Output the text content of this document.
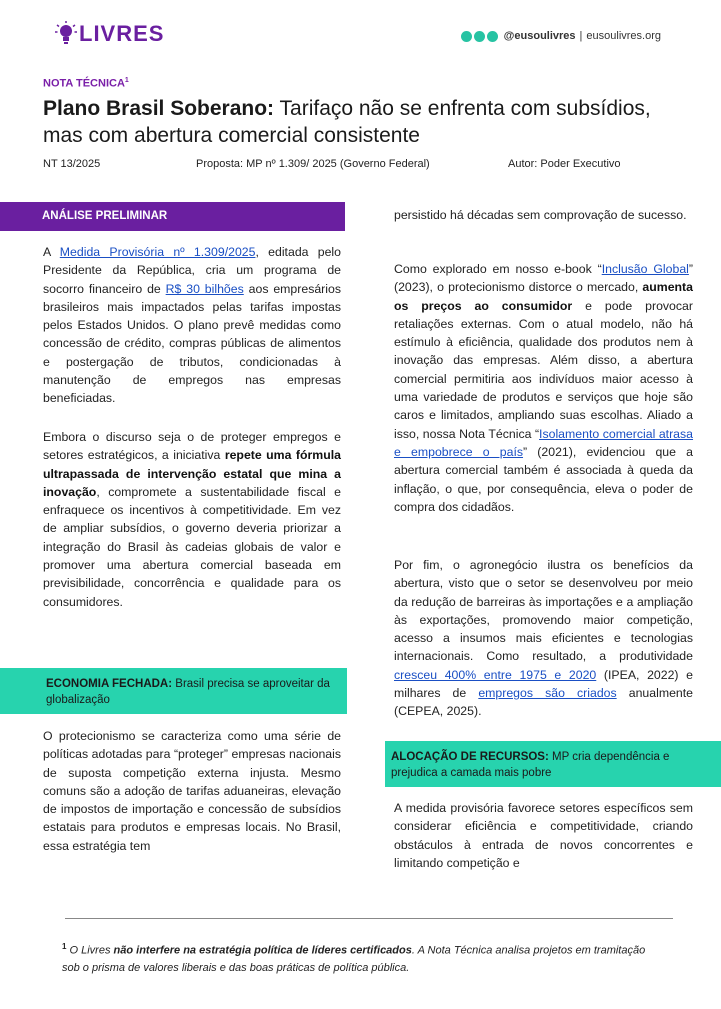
LIVRES	@eusoulivres | eusoulivres.org
NOTA TÉCNICA$^1$
Plano Brasil Soberano: Tarifaço não se enfrenta com subsídios, mas com abertura comercial consistente
NT 13/2025	Proposta: MP nº 1.309/ 2025 (Governo Federal)	Autor: Poder Executivo
ANÁLISE PRELIMINAR
A Medida Provisória nº 1.309/2025, editada pelo Presidente da República, cria um programa de socorro financeiro de R$ 30 bilhões aos empresários brasileiros mais impactados pelas tarifas impostas pelos Estados Unidos. O plano prevê medidas como concessão de crédito, compras públicas de alimentos e postergação de tributos, condicionadas à manutenção de empregos nas empresas beneficiadas.
Embora o discurso seja o de proteger empregos e setores estratégicos, a iniciativa repete uma fórmula ultrapassada de intervenção estatal que mina a inovação, compromete a sustentabilidade fiscal e enfraquece os incentivos à competitividade. Em vez de ampliar subsídios, o governo deveria priorizar a integração do Brasil às cadeias globais de valor e promover uma abertura comercial baseada em previsibilidade, concorrência e qualidade para os consumidores.
ECONOMIA FECHADA: Brasil precisa se aproveitar da globalização
O protecionismo se caracteriza como uma série de políticas adotadas para “proteger” empresas nacionais de suposta competição externa injusta. Mesmo comuns são a adoção de tarifas aduaneiras, elevação de impostos de importação e concessão de subsídios estatais para produtos e empresas locais. No Brasil, essa estratégia tem
persistido há décadas sem comprovação de sucesso.
Como explorado em nosso e-book “Inclusão Global” (2023), o protecionismo distorce o mercado, aumenta os preços ao consumidor e pode provocar retaliações externas. Com o atual modelo, não há estímulo à eficiência, qualidade dos produtos nem à inovação das empresas. Além disso, a abertura comercial permitiria aos indivíduos maior acesso à uma variedade de produtos e serviços que hoje são caros e limitados, ampliando suas escolhas. Aliado a isso, nossa Nota Técnica “Isolamento comercial atrasa e empobrece o país” (2021), evidenciou que a abertura comercial também é associada à queda da inflação, o que, por consequência, eleva o poder de compra dos cidadãos.
Por fim, o agronegócio ilustra os benefícios da abertura, visto que o setor se desenvolveu por meio da redução de barreiras às importações e a ampliação às exportações, promovendo maior competição, acesso a insumos mais eficientes e tecnologias internacionais. Como resultado, a produtividade cresceu 400% entre 1975 e 2020 (IPEA, 2022) e milhares de empregos são criados anualmente (CEPEA, 2025).
ALOCAÇÃO DE RECURSOS: MP cria dependência e prejudica a camada mais pobre
A medida provisória favorece setores específicos sem considerar eficiência e competitividade, criando obstáculos à entrada de novos concorrentes e limitando competição e
$^1$ O Livres não interfere na estratégia política de líderes certificados. A Nota Técnica analisa projetos em tramitação sob o prisma de valores liberais e das boas práticas de política pública.
